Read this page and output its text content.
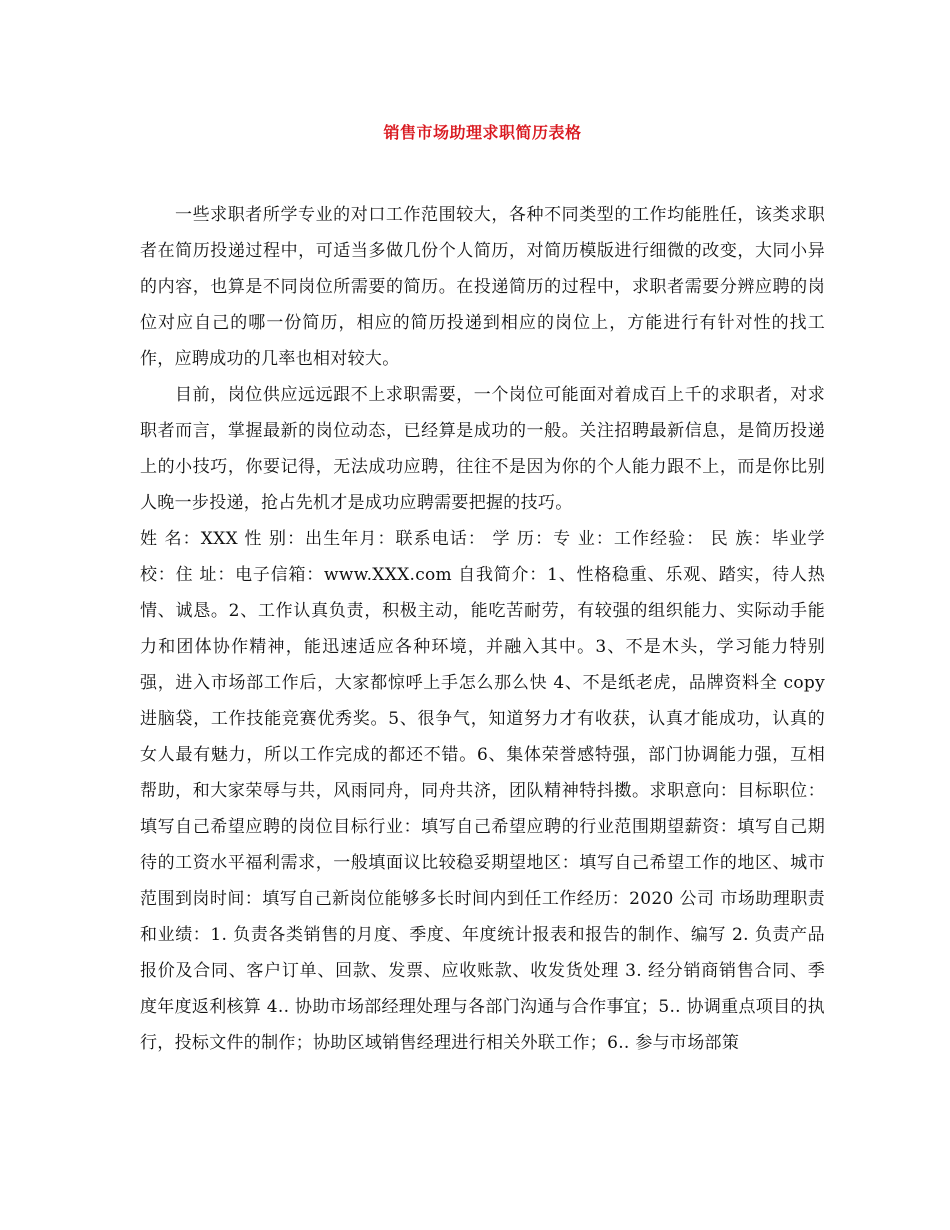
销售市场助理求职简历表格

一些求职者所学专业的对口工作范围较大，各种不同类型的工作均能胜任，该类求职者在简历投递过程中，可适当多做几份个人简历，对简历模版进行细微的改变，大同小异的内容，也算是不同岗位所需要的简历。在投递简历的过程中，求职者需要分辨应聘的岗位对应自己的哪一份简历，相应的简历投递到相应的岗位上，方能进行有针对性的找工作，应聘成功的几率也相对较大。

目前，岗位供应远远跟不上求职需要，一个岗位可能面对着成百上千的求职者，对求职者而言，掌握最新的岗位动态，已经算是成功的一般。关注招聘最新信息，是简历投递上的小技巧，你要记得，无法成功应聘，往往不是因为你的个人能力跟不上，而是你比别人晚一步投递，抢占先机才是成功应聘需要把握的技巧。

姓 名：XXX 性 别：出生年月：联系电话： 学 历：专 业：工作经验： 民 族：毕业学校：住 址：电子信箱：www.XXX.com 自我简介：1、性格稳重、乐观、踏实，待人热情、诚恳。2、工作认真负责，积极主动，能吃苦耐劳，有较强的组织能力、实际动手能力和团体协作精神，能迅速适应各种环境，并融入其中。3、不是木头，学习能力特别强，进入市场部工作后，大家都惊呼上手怎么那么快 4、不是纸老虎，品牌资料全 copy 进脑袋，工作技能竞赛优秀奖。5、很争气，知道努力才有收获，认真才能成功，认真的女人最有魅力，所以工作完成的都还不错。6、集体荣誉感特强，部门协调能力强，互相帮助，和大家荣辱与共，风雨同舟，同舟共济，团队精神特抖擞。求职意向：目标职位：填写自己希望应聘的岗位目标行业：填写自己希望应聘的行业范围期望薪资：填写自己期待的工资水平福利需求，一般填面议比较稳妥期望地区：填写自己希望工作的地区、城市范围到岗时间：填写自己新岗位能够多长时间内到任工作经历：2020 公司 市场助理职责和业绩：1. 负责各类销售的月度、季度、年度统计报表和报告的制作、编写 2. 负责产品报价及合同、客户订单、回款、发票、应收账款、收发货处理 3. 经分销商销售合同、季度年度返利核算 4.. 协助市场部经理处理与各部门沟通与合作事宜；5.. 协调重点项目的执行，投标文件的制作；协助区域销售经理进行相关外联工作；6.. 参与市场部策
